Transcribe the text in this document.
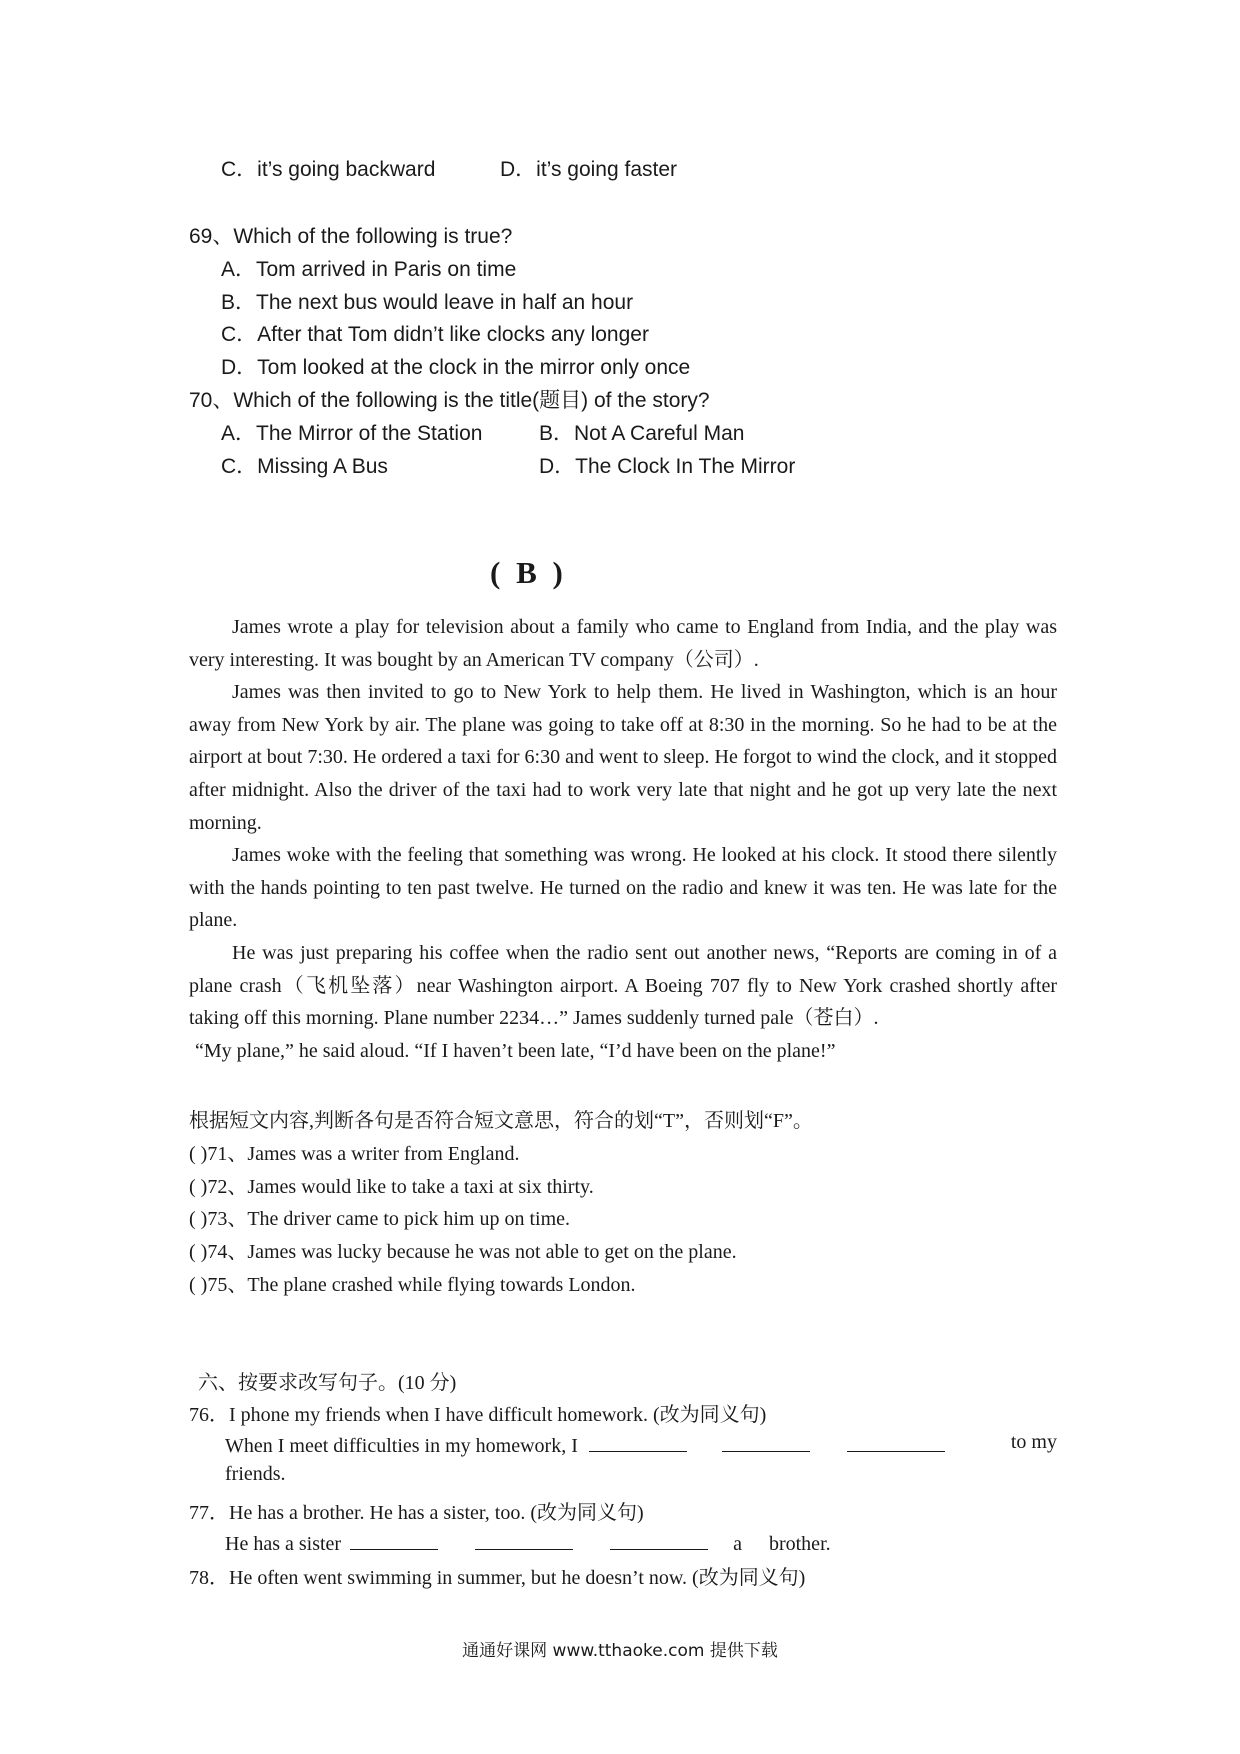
C．it’s going backward	D．it’s going faster
69、Which of the following is true?
A．Tom arrived in Paris on time
B．The next bus would leave in half an hour
C．After that Tom didn’t like clocks any longer
D．Tom looked at the clock in the mirror only once
70、Which of the following is the title(题目) of the story?
A．The Mirror of the Station	B．Not A Careful Man
C．Missing A Bus	D．The Clock In The Mirror
( B )

James wrote a play for television about a family who came to England from India, and the play was very interesting. It was bought by an American TV company（公司）.

James was then invited to go to New York to help them. He lived in Washington, which is an hour away from New York by air. The plane was going to take off at 8:30 in the morning. So he had to be at the airport at bout 7:30. He ordered a taxi for 6:30 and went to sleep. He forgot to wind the clock, and it stopped after midnight. Also the driver of the taxi had to work very late that night and he got up very late the next morning.

James woke with the feeling that something was wrong. He looked at his clock. It stood there silently with the hands pointing to ten past twelve. He turned on the radio and knew it was ten. He was late for the plane.

He was just preparing his coffee when the radio sent out another news, “Reports are coming in of a plane crash（飞机坠落）near Washington airport. A Boeing 707 fly to New York crashed shortly after taking off this morning. Plane number 2234…” James suddenly turned pale（苍白）.

“My plane,” he said aloud. “If I haven’t been late, “I’d have been on the plane!”

根据短文内容,判断各句是否符合短文意思，符合的划“T”，否则划“F”。
( )71、James was a writer from England.
( )72、James would like to take a taxi at six thirty.
( )73、The driver came to pick him up on time.
( )74、James was lucky because he was not able to get on the plane.
( )75、The plane crashed while flying towards London.
六、按要求改写句子。(10 分)
76．I phone my friends when I have difficult homework. (改为同义句)
When I meet difficulties in my homework, I	to my
friends.
77．He has a brother. He has a sister, too. (改为同义句)
He has a sister	a brother.
78．He often went swimming in summer, but he doesn’t now. (改为同义句)
通通好课网 www.tthaoke.com 提供下载
